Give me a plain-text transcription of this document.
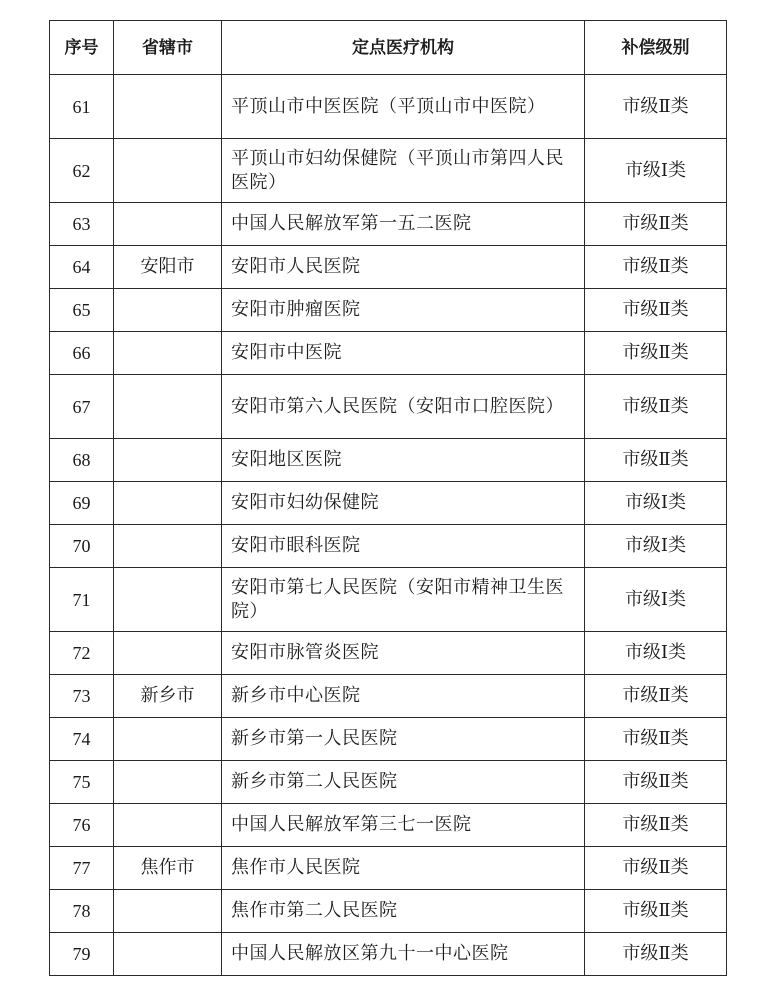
序号	省辖市	定点医疗机构	补偿级别
61		平顶山市中医医院（平顶山市中医院）	市级Ⅱ类
62		平顶山市妇幼保健院（平顶山市第四人民医院）	市级Ⅰ类
63		中国人民解放军第一五二医院	市级Ⅱ类
64	安阳市	安阳市人民医院	市级Ⅱ类
65		安阳市肿瘤医院	市级Ⅱ类
66		安阳市中医院	市级Ⅱ类
67		安阳市第六人民医院（安阳市口腔医院）	市级Ⅱ类
68		安阳地区医院	市级Ⅱ类
69		安阳市妇幼保健院	市级Ⅰ类
70		安阳市眼科医院	市级Ⅰ类
71		安阳市第七人民医院（安阳市精神卫生医院）	市级Ⅰ类
72		安阳市脉管炎医院	市级Ⅰ类
73	新乡市	新乡市中心医院	市级Ⅱ类
74		新乡市第一人民医院	市级Ⅱ类
75		新乡市第二人民医院	市级Ⅱ类
76		中国人民解放军第三七一医院	市级Ⅱ类
77	焦作市	焦作市人民医院	市级Ⅱ类
78		焦作市第二人民医院	市级Ⅱ类
79		中国人民解放区第九十一中心医院	市级Ⅱ类
